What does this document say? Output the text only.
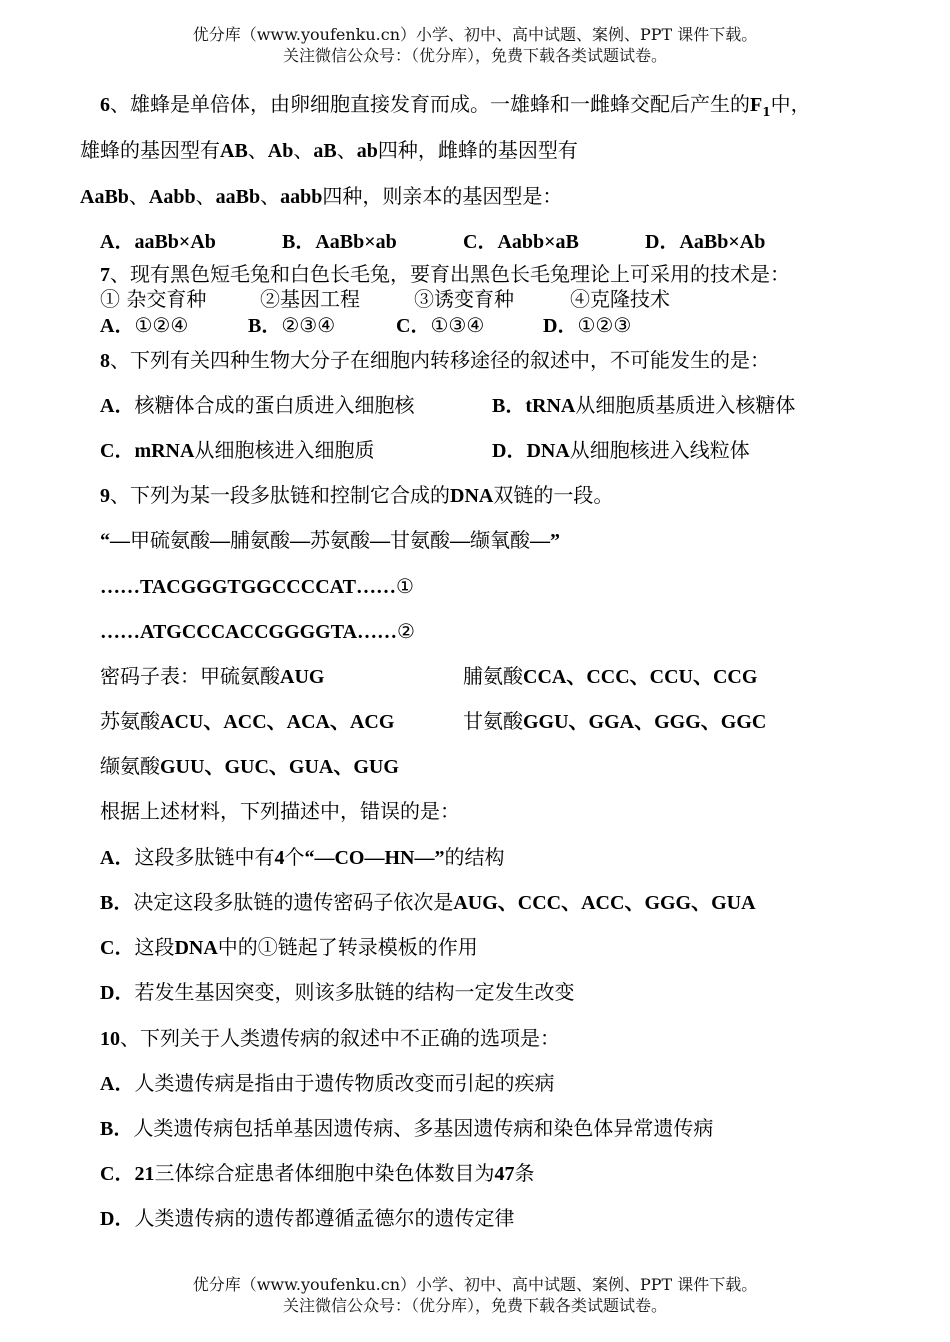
优分库（www.youfenku.cn）小学、初中、高中试题、案例、PPT 课件下载。
关注微信公众号：（优分库），免费下载各类试题试卷。
6、雄蜂是单倍体，由卵细胞直接发育而成。一雄蜂和一雌蜂交配后产生的$F_1$中，
雄蜂的基因型有AB、Ab、aB、ab四种，雌蜂的基因型有
AaBb、Aabb、aaBb、aabb四种，则亲本的基因型是：
A．aaBb×Ab	B．AaBb×ab	C．Aabb×aB	D．AaBb×Ab
7、现有黑色短毛兔和白色长毛兔，要育出黑色长毛兔理论上可采用的技术是：
① 杂交育种	②基因工程	③诱变育种	④克隆技术
A．①②④	B．②③④	C．①③④	D．①②③
8、下列有关四种生物大分子在细胞内转移途径的叙述中，不可能发生的是：
A．核糖体合成的蛋白质进入细胞核	B．tRNA从细胞质基质进入核糖体
C．mRNA从细胞核进入细胞质	D．DNA从细胞核进入线粒体
9、下列为某一段多肽链和控制它合成的DNA双链的一段。
“—甲硫氨酸—脯氨酸—苏氨酸—甘氨酸—缬氧酸—”
……TACGGGTGGCCCCAT……①
……ATGCCCACCGGGGTA……②
密码子表：甲硫氨酸AUG	脯氨酸CCA、CCC、CCU、CCG
苏氨酸ACU、ACC、ACA、ACG	甘氨酸GGU、GGA、GGG、GGC
缬氨酸GUU、GUC、GUA、GUG
根据上述材料，下列描述中，错误的是：
A．这段多肽链中有4个“—CO—HN—”的结构
B．决定这段多肽链的遗传密码子依次是AUG、CCC、ACC、GGG、GUA
C．这段DNA中的①链起了转录模板的作用
D．若发生基因突变，则该多肽链的结构一定发生改变
10、下列关于人类遗传病的叙述中不正确的选项是：
A．人类遗传病是指由于遗传物质改变而引起的疾病
B．人类遗传病包括单基因遗传病、多基因遗传病和染色体异常遗传病
C．21三体综合症患者体细胞中染色体数目为47条
D．人类遗传病的遗传都遵循孟德尔的遗传定律
优分库（www.youfenku.cn）小学、初中、高中试题、案例、PPT 课件下载。
关注微信公众号：（优分库），免费下载各类试题试卷。
